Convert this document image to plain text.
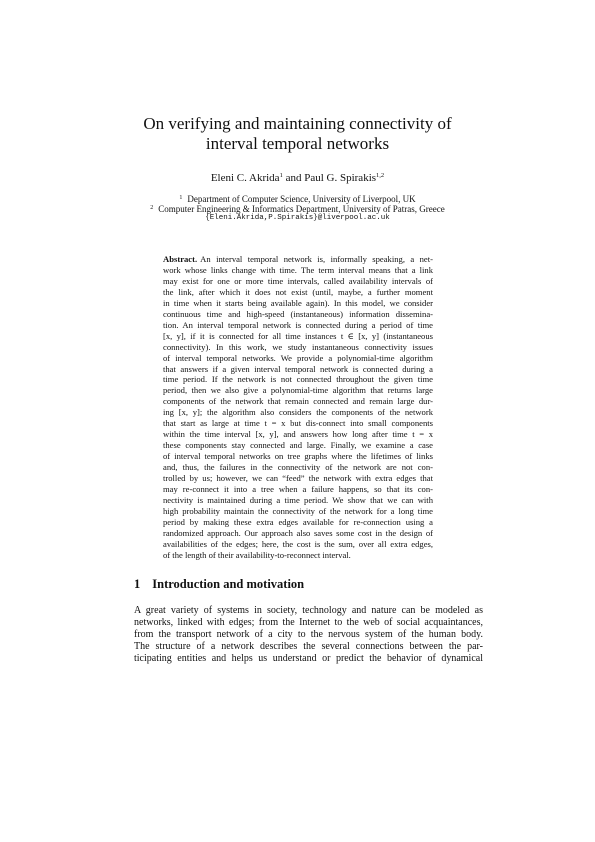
On verifying and maintaining connectivity of
interval temporal networks
Eleni C. Akrida$^1$ and Paul G. Spirakis$^{1,2}$
$^1$ Department of Computer Science, University of Liverpool, UK
$^2$ Computer Engineering & Informatics Department, University of Patras, Greece
{Eleni.Akrida,P.Spirakis}@liverpool.ac.uk
Abstract. An interval temporal network is, informally speaking, a net-
work whose links change with time. The term interval means that a link
may exist for one or more time intervals, called availability intervals of
the link, after which it does not exist (until, maybe, a further moment
in time when it starts being available again). In this model, we consider
continuous time and high-speed (instantaneous) information dissemina-
tion. An interval temporal network is connected during a period of time
[x, y], if it is connected for all time instances t ∈ [x, y] (instantaneous
connectivity). In this work, we study instantaneous connectivity issues
of interval temporal networks. We provide a polynomial-time algorithm
that answers if a given interval temporal network is connected during a
time period. If the network is not connected throughout the given time
period, then we also give a polynomial-time algorithm that returns large
components of the network that remain connected and remain large dur-
ing [x, y]; the algorithm also considers the components of the network
that start as large at time t = x but dis-connect into small components
within the time interval [x, y], and answers how long after time t = x
these components stay connected and large. Finally, we examine a case
of interval temporal networks on tree graphs where the lifetimes of links
and, thus, the failures in the connectivity of the network are not con-
trolled by us; however, we can “feed” the network with extra edges that
may re-connect it into a tree when a failure happens, so that its con-
nectivity is maintained during a time period. We show that we can with
high probability maintain the connectivity of the network for a long time
period by making these extra edges available for re-connection using a
randomized approach. Our approach also saves some cost in the design of
availabilities of the edges; here, the cost is the sum, over all extra edges,
of the length of their availability-to-reconnect interval.
1 Introduction and motivation
A great variety of systems in society, technology and nature can be modeled as
networks, linked with edges; from the Internet to the web of social acquaintances,
from the transport network of a city to the nervous system of the human body.
The structure of a network describes the several connections between the par-
ticipating entities and helps us understand or predict the behavior of dynamical
